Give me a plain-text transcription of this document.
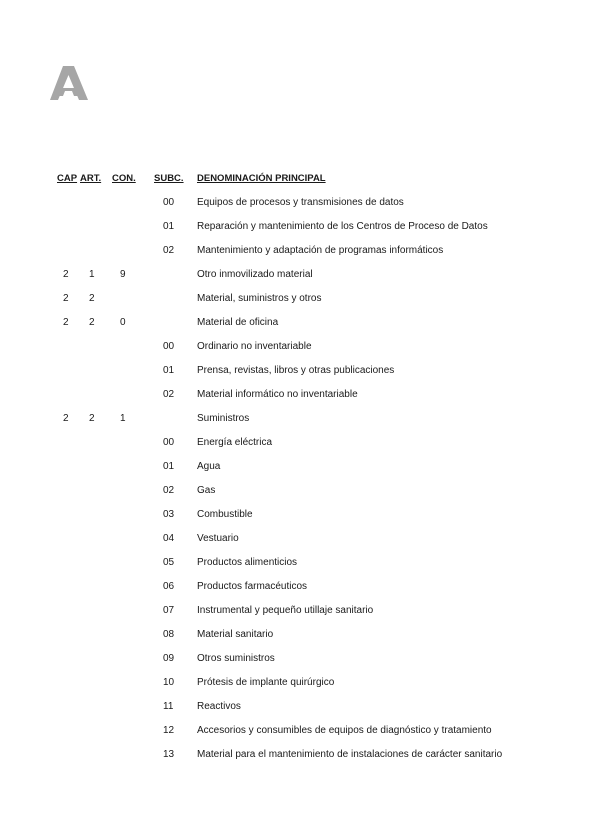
CAP ART.	CON.	SUBC.	DENOMINACIÓN PRINCIPAL
00	Equipos de procesos y transmisiones de datos
01	Reparación y mantenimiento de los Centros de Proceso de Datos
02	Mantenimiento y adaptación de programas informáticos
2	1	9	Otro inmovilizado material
2	2	Material, suministros y otros
2	2	0	Material de oficina
00	Ordinario no inventariable
01	Prensa, revistas, libros y otras publicaciones
02	Material informático no inventariable
2	2	1	Suministros
00	Energía eléctrica
01	Agua
02	Gas
03	Combustible
04	Vestuario
05	Productos alimenticios
06	Productos farmacéuticos
07	Instrumental y pequeño utillaje sanitario
08	Material sanitario
09	Otros suministros
10	Prótesis de implante quirúrgico
11	Reactivos
12	Accesorios y consumibles de equipos de diagnóstico y tratamiento
13	Material para el mantenimiento de instalaciones de carácter sanitario
